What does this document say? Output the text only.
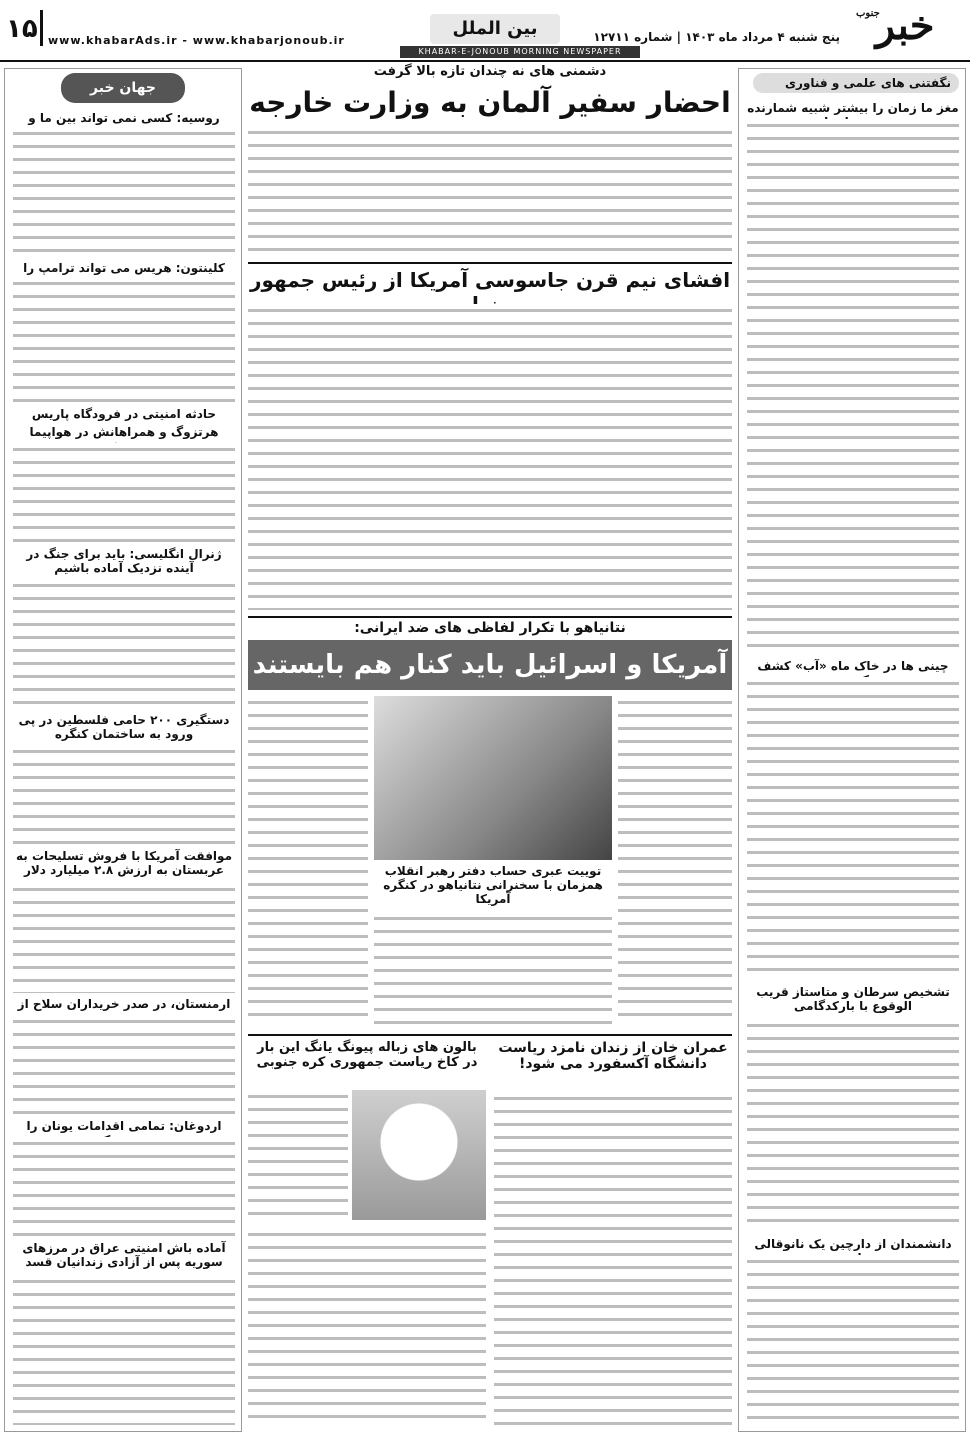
۱۵ www.khabarAds.ir - www.khabarjonoub.ir
بین الملل	پنج شنبه ۴ مرداد ماه ۱۴۰۳ | شماره ۱۲۷۱۱
جنوب
خبر
KHABAR-E-JONOUB MORNING NEWSPAPER
نگفتنی های علمی و فناوری
مغز ما زمان را بیشتر شبیه شمارنده
چینی ها در خاک ماه «آب» کشف
تشخیص سرطان و متاستاز قریب الوقوع با بارکدگامی
دانشمندان از دارچین یک نانوقالی
دشمنی های نه چندان تازه بالا گرفت
احضار سفیر آلمان به وزارت خارجه
افشای نیم قرن جاسوسی آمریکا از رئیس جمهور
نتانیاهو با تکرار لفاظی های ضد ایرانی:
آمریکا و اسرائیل باید کنار هم بایستند
توییت عبری حساب دفتر رهبر انقلاب همزمان با سخنرانی نتانیاهو در کنگره آمریکا
عمران خان از زندان نامزد ریاست دانشگاه آکسفورد می شود!
بالون های زباله پیونگ یانگ این بار در کاخ ریاست جمهوری کره جنوبی
جهان خبر
روسیه: کسی نمی تواند بین ما و
کلینتون: هریس می تواند ترامپ را
حادثه امنیتی در فرودگاه پاریس
هرتزوگ و همراهانش در هواپیما
ژنرال انگلیسی: باید برای جنگ در آینده نزدیک آماده باشیم
دستگیری ۲۰۰ حامی فلسطین در پی ورود به ساختمان کنگره
موافقت آمریکا با فروش تسلیحات به عربستان به ارزش ۲.۸ میلیارد دلار
ارمنستان، در صدر خریداران سلاح از
اردوغان: تمامی اقدامات یونان را
آماده باش امنیتی عراق در مرزهای سوریه پس از آزادی زندانیان قسد
